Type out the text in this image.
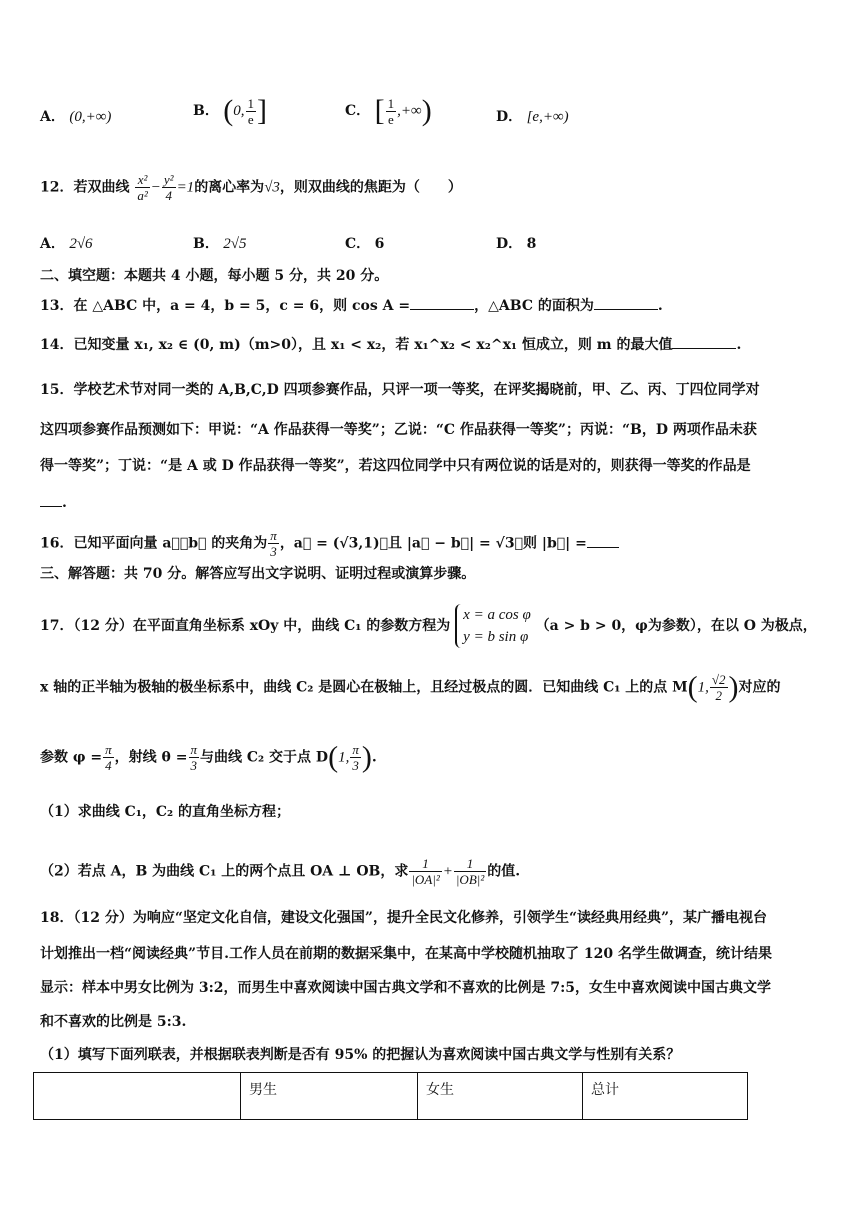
A． (0,+∞)	B． (0, $\frac{1}{e}$ ]	C． [ $\frac{1}{e}$ ,+∞)	D． [e,+∞)
12．若双曲线 $\frac{\text{x²}}{\text{a²}} - \frac{\text{y²}}{4} =1$的离心率为√3，则双曲线的焦距为（　　）
A． 2√6	B． 2√5	C． 6	D． 8
二、填空题：本题共 4 小题，每小题 5 分，共 20 分。
13．在 △ABC 中，a = 4，b = 5，c = 6，则 cos A =	，△ABC 的面积为	.
14．已知变量 x₁, x₂ ∈ (0, m)（m>0），且 x₁ < x₂，若 x₁^x₂ < x₂^x₁ 恒成立，则 m 的最大值	.
15．学校艺术节对同一类的 A,B,C,D 四项参赛作品，只评一项一等奖，在评奖揭晓前，甲、乙、丙、丁四位同学对
这四项参赛作品预测如下：甲说：“A 作品获得一等奖”；乙说：“C 作品获得一等奖”；丙说：“B，D 两项作品未获
得一等奖”；丁说：“是 A 或 D 作品获得一等奖”，若这四位同学中只有两位说的话是对的，则获得一等奖的作品是
.
16．已知平面向量 a⃗，b⃗ 的夹角为 $\frac{\pi}{3}$ ，a⃗ = (√3,1)，且 |a⃗ − b⃗| = √3，则 |b⃗| =
三、解答题：共 70 分。解答应写出文字说明、证明过程或演算步骤。
17．（12 分）在平面直角坐标系 xOy 中，曲线 C₁ 的参数方程为 x = a cos φ
y = b sin φ （a > b > 0，φ为参数），在以 O 为极点，
x 轴的正半轴为极轴的极坐标系中，曲线 C₂ 是圆心在极轴上，且经过极点的圆．已知曲线 C₁ 上的点 M(1, $\frac{√2}{2}$ )对应的
参数 $\varphi = \frac{\pi}{4}$ ，射线 $\theta = \frac{\pi}{3}$ 与曲线 C₂ 交于点 D(1, $\frac{\pi}{3}$ ).
（1）求曲线 C₁，C₂ 的直角坐标方程；
（2）若点 A，B 为曲线 C₁ 上的两个点且 OA ⊥ OB，求 $\frac{1}{\text{|OA|²}} + \frac{1}{\text{|OB|²}}$ 的值.
18．（12 分）为响应“坚定文化自信，建设文化强国”，提升全民文化修养，引领学生“读经典用经典”，某广播电视台
计划推出一档“阅读经典”节目.工作人员在前期的数据采集中，在某高中学校随机抽取了 120 名学生做调查，统计结果
显示：样本中男女比例为 3:2，而男生中喜欢阅读中国古典文学和不喜欢的比例是 7:5，女生中喜欢阅读中国古典文学
和不喜欢的比例是 5:3.
（1）填写下面列联表，并根据联表判断是否有 95% 的把握认为喜欢阅读中国古典文学与性别有关系？
	男生	女生	总计
